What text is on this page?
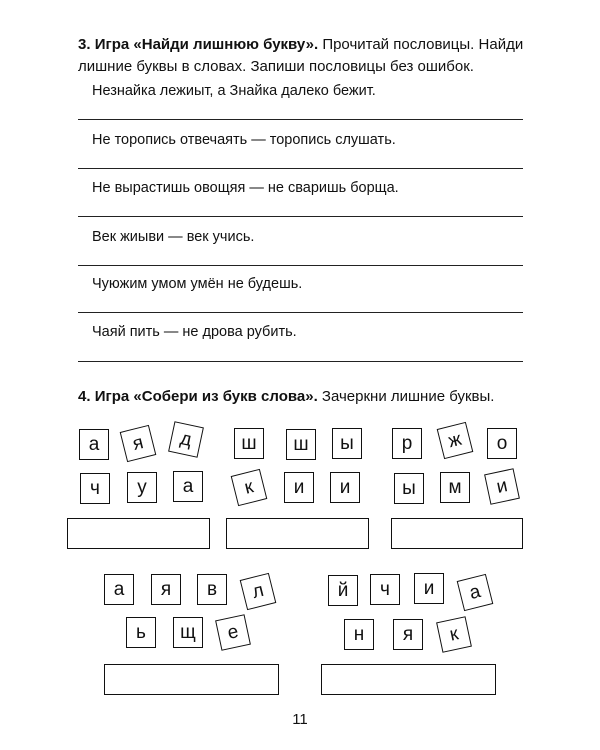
3. Игра «Найди лишнюю букву». Прочитай пословицы. Найди лишние буквы в словах. Запиши пословицы без ошибок.
Незнайка лежиыт, а Знайка далеко бежит.
Не торопись отвечаять — торопись слушать.
Не вырастишь овощяя — не сваришь борща.
Век жиыви — век учись.
Чуюжим умом умён не будешь.
Чаяй пить — не дрова рубить.
4. Игра «Собери из букв слова». Зачеркни лишние буквы.
а	я	д
ч	у	а
ш	ш	ы
к	и	и
р	ж	о
ы	м	и
а	я	в	л
ь	щ	е
й	ч	и	а
н	я	к
11
